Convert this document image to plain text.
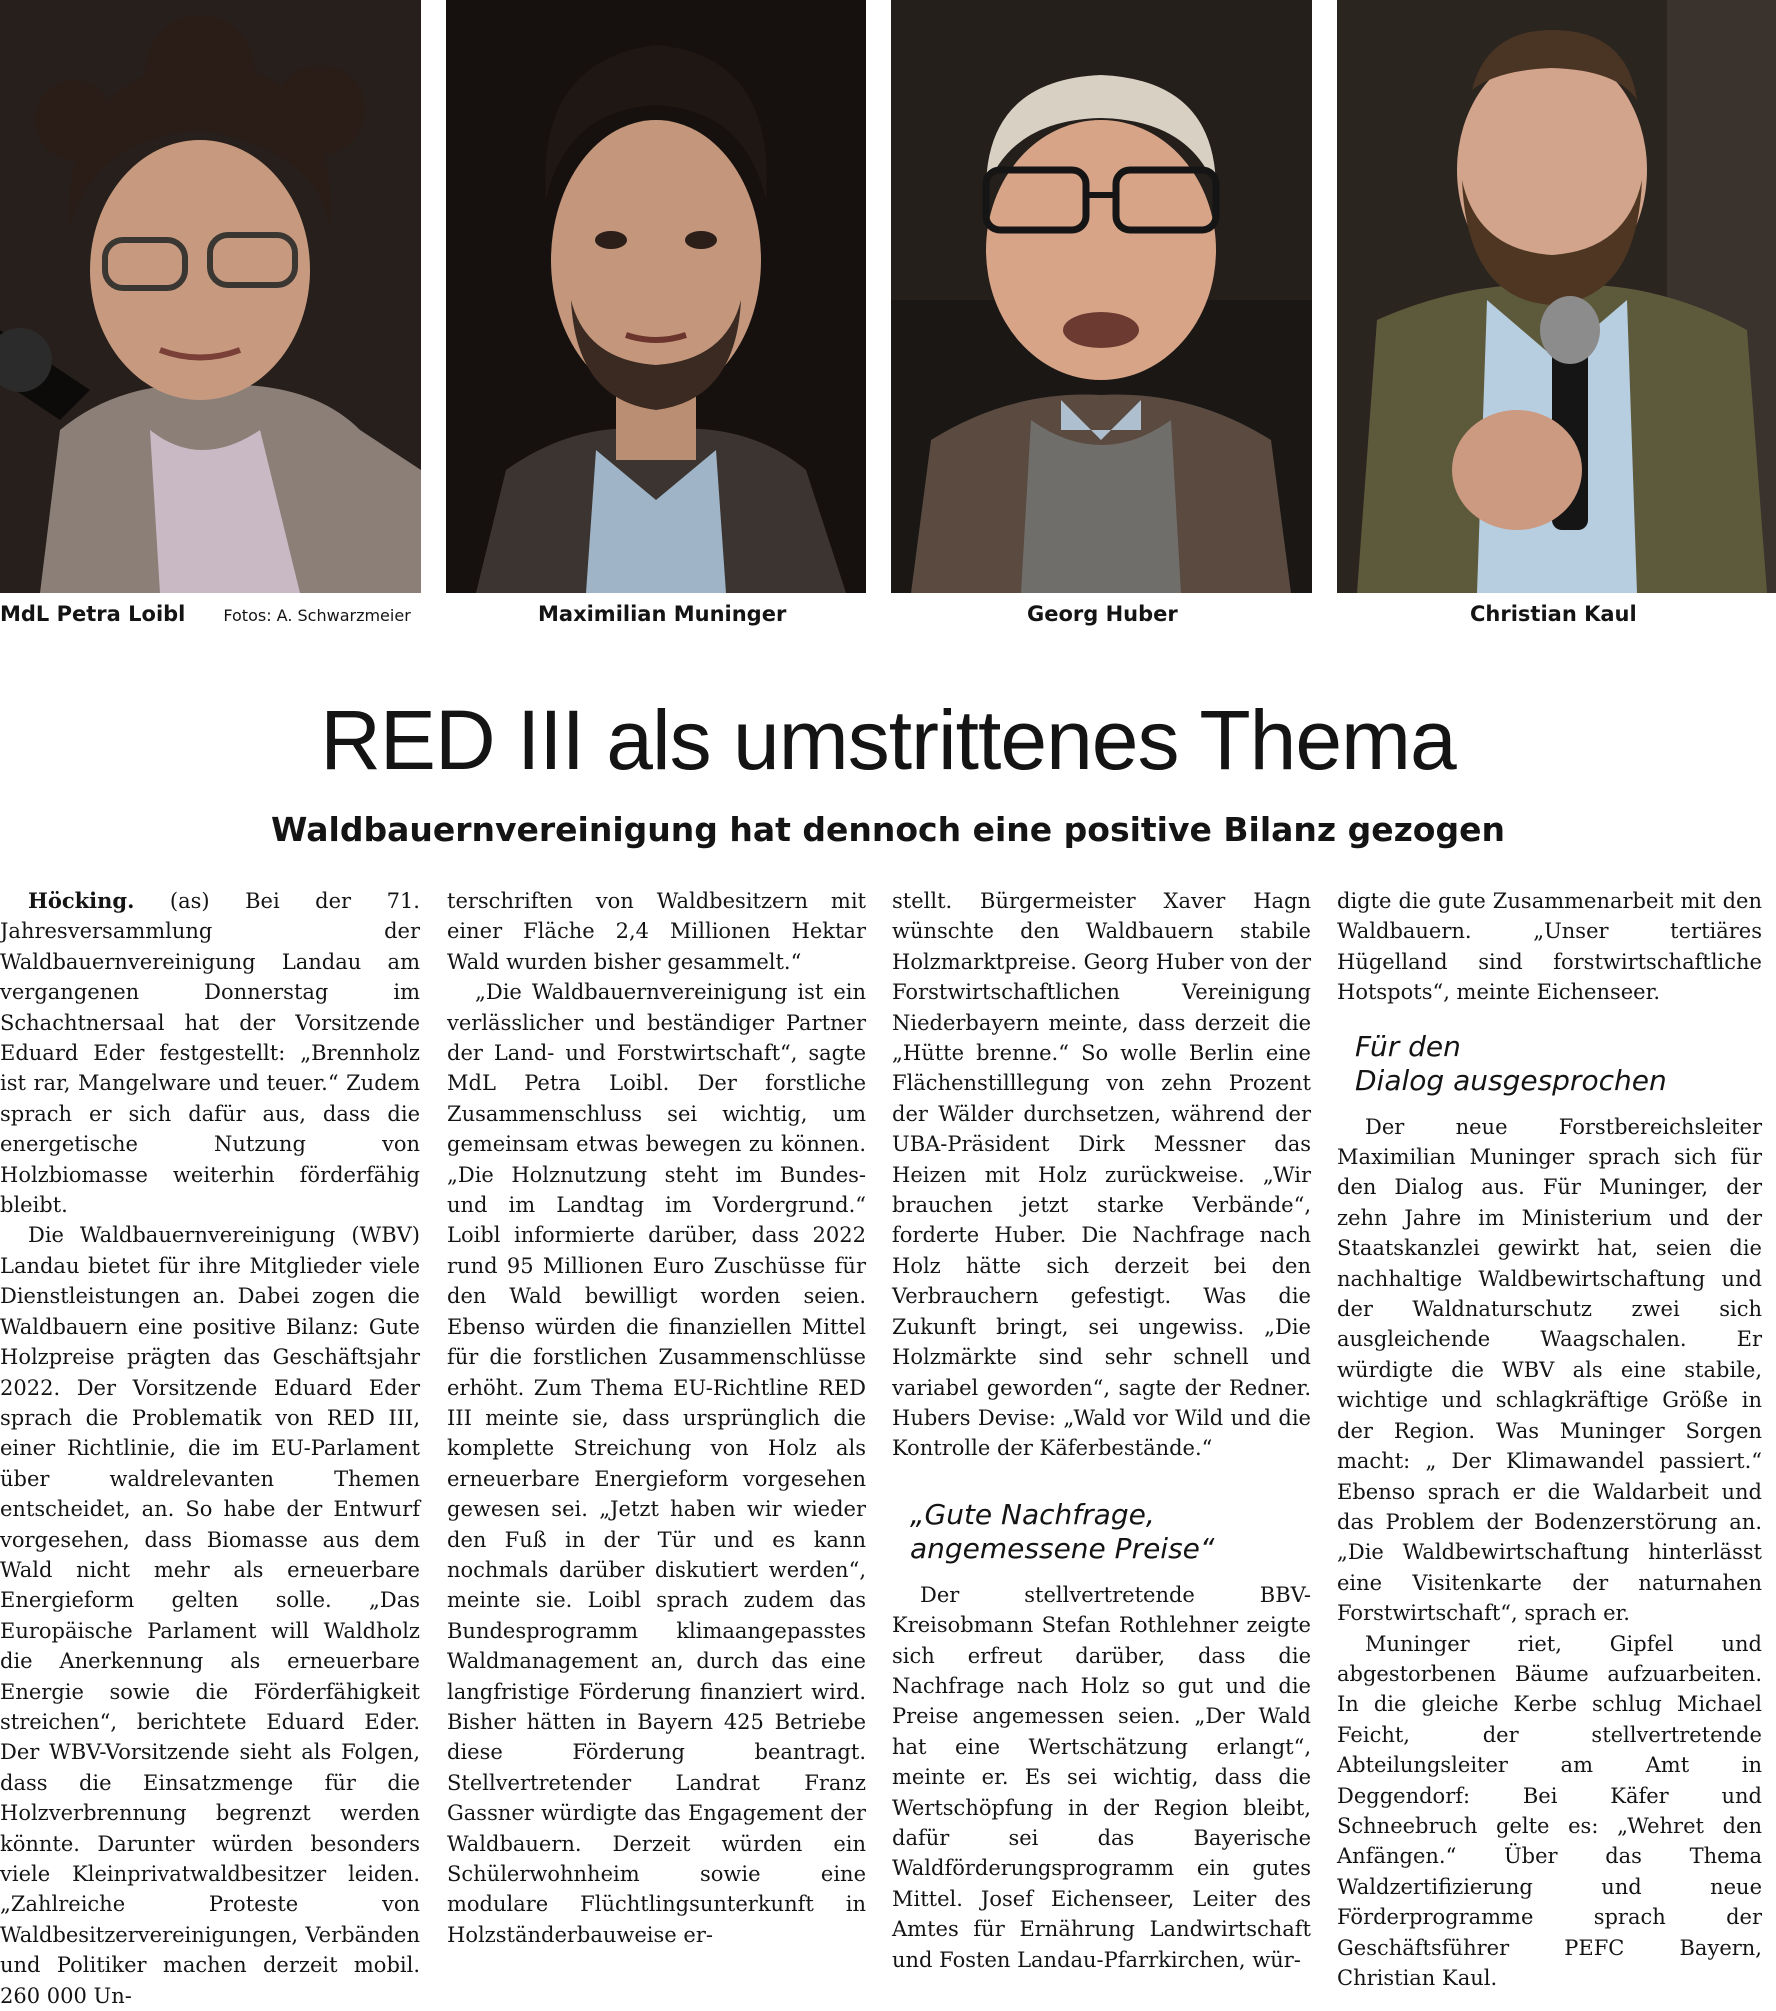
MdL Petra Loibl Fotos: A. Schwarzmeier	Maximilian Muninger	Georg Huber	Christian Kaul
RED III als umstrittenes Thema
Waldbauernvereinigung hat dennoch eine positive Bilanz gezogen

Höcking. (as) Bei der 71. Jahresversammlung der Waldbauernvereinigung Landau am vergangenen Donnerstag im Schachtnersaal hat der Vorsitzende Eduard Eder festgestellt: „Brennholz ist rar, Mangelware und teuer.“ Zudem sprach er sich dafür aus, dass die energetische Nutzung von Holzbiomasse weiterhin förderfähig bleibt.

Die Waldbauernvereinigung (WBV) Landau bietet für ihre Mitglieder viele Dienstleistungen an. Dabei zogen die Waldbauern eine positive Bilanz: Gute Holzpreise prägten das Geschäftsjahr 2022. Der Vorsitzende Eduard Eder sprach die Problematik von RED III, einer Richtlinie, die im EU-Parlament über waldrelevanten Themen entscheidet, an. So habe der Entwurf vorgesehen, dass Biomasse aus dem Wald nicht mehr als erneuerbare Energieform gelten solle. „Das Europäische Parlament will Waldholz die Anerkennung als erneuerbare Energie sowie die Förderfähigkeit streichen“, berichtete Eduard Eder. Der WBV-Vorsitzende sieht als Folgen, dass die Einsatzmenge für die Holzverbrennung begrenzt werden könnte. Darunter würden besonders viele Kleinprivatwaldbesitzer leiden. „Zahlreiche Proteste von Waldbesitzervereinigungen, Verbänden und Politiker machen derzeit mobil. 260 000 Un-

terschriften von Waldbesitzern mit einer Fläche 2,4 Millionen Hektar Wald wurden bisher gesammelt.“

„Die Waldbauernvereinigung ist ein verlässlicher und beständiger Partner der Land- und Forstwirtschaft“, sagte MdL Petra Loibl. Der forstliche Zusammenschluss sei wichtig, um gemeinsam etwas bewegen zu können. „Die Holznutzung steht im Bundes- und im Landtag im Vordergrund.“ Loibl informierte darüber, dass 2022 rund 95 Millionen Euro Zuschüsse für den Wald bewilligt worden seien. Ebenso würden die finanziellen Mittel für die forstlichen Zusammenschlüsse erhöht. Zum Thema EU-Richtline RED III meinte sie, dass ursprünglich die komplette Streichung von Holz als erneuerbare Energieform vorgesehen gewesen sei. „Jetzt haben wir wieder den Fuß in der Tür und es kann nochmals darüber diskutiert werden“, meinte sie. Loibl sprach zudem das Bundesprogramm klimaangepasstes Waldmanagement an, durch das eine langfristige Förderung finanziert wird. Bisher hätten in Bayern 425 Betriebe diese Förderung beantragt. Stellvertretender Landrat Franz Gassner würdigte das Engagement der Waldbauern. Derzeit würden ein Schülerwohnheim sowie eine modulare Flüchtlingsunterkunft in Holzständerbauweise er-

stellt. Bürgermeister Xaver Hagn wünschte den Waldbauern stabile Holzmarktpreise. Georg Huber von der Forstwirtschaftlichen Vereinigung Niederbayern meinte, dass derzeit die „Hütte brenne.“ So wolle Berlin eine Flächenstilllegung von zehn Prozent der Wälder durchsetzen, während der UBA-Präsident Dirk Messner das Heizen mit Holz zurückweise. „Wir brauchen jetzt starke Verbände“, forderte Huber. Die Nachfrage nach Holz hätte sich derzeit bei den Verbrauchern gefestigt. Was die Zukunft bringt, sei ungewiss. „Die Holzmärkte sind sehr schnell und variabel geworden“, sagte der Redner. Hubers Devise: „Wald vor Wild und die Kontrolle der Käferbestände.“

„Gute Nachfrage,
angemessene Preise“

Der stellvertretende BBV-Kreisobmann Stefan Rothlehner zeigte sich erfreut darüber, dass die Nachfrage nach Holz so gut und die Preise angemessen seien. „Der Wald hat eine Wertschätzung erlangt“, meinte er. Es sei wichtig, dass die Wertschöpfung in der Region bleibt, dafür sei das Bayerische Waldförderungsprogramm ein gutes Mittel. Josef Eichenseer, Leiter des Amtes für Ernährung Landwirtschaft und Fosten Landau-Pfarrkirchen, wür-

digte die gute Zusammenarbeit mit den Waldbauern. „Unser tertiäres Hügelland sind forstwirtschaftliche Hotspots“, meinte Eichenseer.

Für den
Dialog ausgesprochen

Der neue Forstbereichsleiter Maximilian Muninger sprach sich für den Dialog aus. Für Muninger, der zehn Jahre im Ministerium und der Staatskanzlei gewirkt hat, seien die nachhaltige Waldbewirtschaftung und der Waldnaturschutz zwei sich ausgleichende Waagschalen. Er würdigte die WBV als eine stabile, wichtige und schlagkräftige Größe in der Region. Was Muninger Sorgen macht: „ Der Klimawandel passiert.“ Ebenso sprach er die Waldarbeit und das Problem der Bodenzerstörung an. „Die Waldbewirtschaftung hinterlässt eine Visitenkarte der naturnahen Forstwirtschaft“, sprach er.

Muninger riet, Gipfel und abgestorbenen Bäume aufzuarbeiten. In die gleiche Kerbe schlug Michael Feicht, der stellvertretende Abteilungsleiter am Amt in Deggendorf: Bei Käfer und Schneebruch gelte es: „Wehret den Anfängen.“ Über das Thema Waldzertifizierung und neue Förderprogramme sprach der Geschäftsführer PEFC Bayern, Christian Kaul.
